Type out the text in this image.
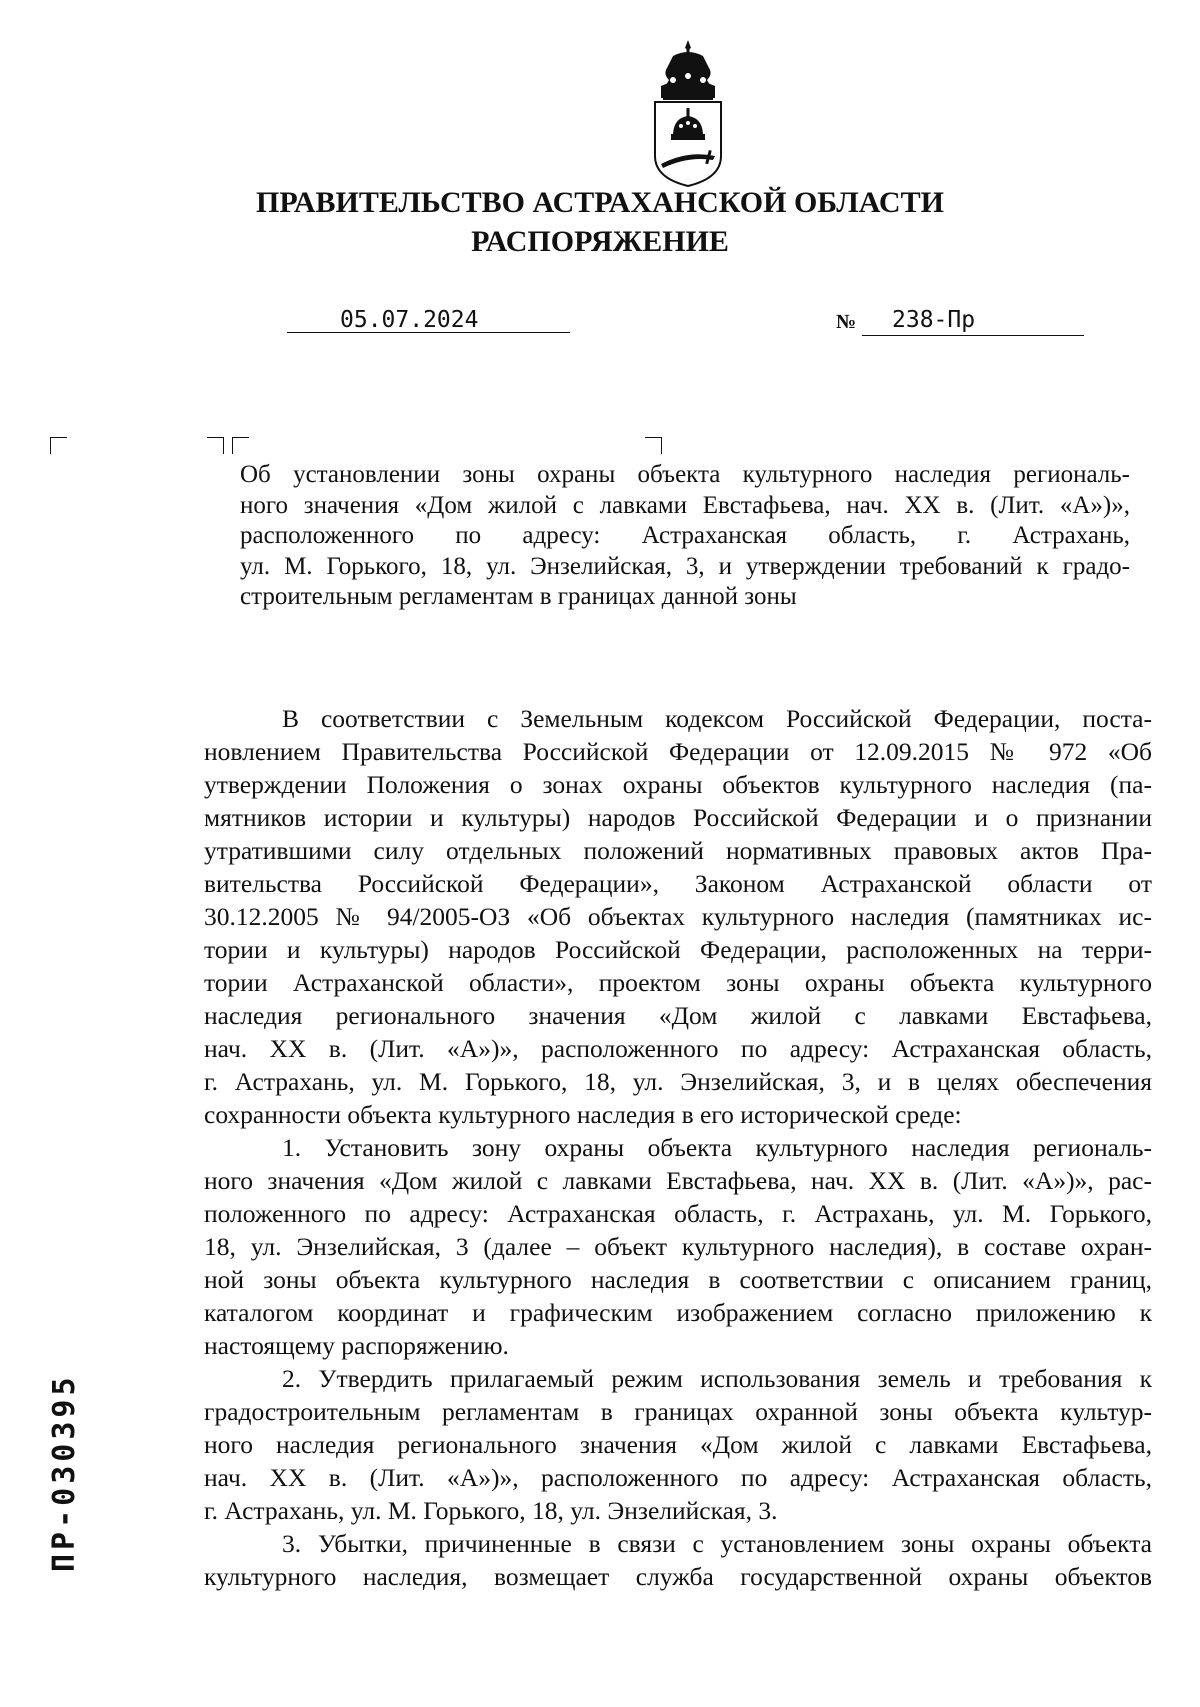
ПРАВИТЕЛЬСТВО АСТРАХАНСКОЙ ОБЛАСТИ
РАСПОРЯЖЕНИЕ
05.07.2024	№ 238-Пр
Об установлении зоны охраны объекта культурного наследия региональ-
ного значения «Дом жилой с лавками Евстафьева, нач. XX в. (Лит. «А»)»,
расположенного по адресу: Астраханская область, г. Астрахань,
ул. М. Горького, 18, ул. Энзелийская, 3, и утверждении требований к градо-
строительным регламентам в границах данной зоны
В соответствии с Земельным кодексом Российской Федерации, поста-
новлением Правительства Российской Федерации от 12.09.2015 № 972 «Об
утверждении Положения о зонах охраны объектов культурного наследия (па-
мятников истории и культуры) народов Российской Федерации и о признании
утратившими силу отдельных положений нормативных правовых актов Пра-
вительства Российской Федерации», Законом Астраханской области от
30.12.2005 № 94/2005-ОЗ «Об объектах культурного наследия (памятниках ис-
тории и культуры) народов Российской Федерации, расположенных на терри-
тории Астраханской области», проектом зоны охраны объекта культурного
наследия регионального значения «Дом жилой с лавками Евстафьева,
нач. XX в. (Лит. «А»)», расположенного по адресу: Астраханская область,
г. Астрахань, ул. М. Горького, 18, ул. Энзелийская, 3, и в целях обеспечения
сохранности объекта культурного наследия в его исторической среде:
1. Установить зону охраны объекта культурного наследия региональ-
ного значения «Дом жилой с лавками Евстафьева, нач. XX в. (Лит. «А»)», рас-
положенного по адресу: Астраханская область, г. Астрахань, ул. М. Горького,
18, ул. Энзелийская, 3 (далее – объект культурного наследия), в составе охран-
ной зоны объекта культурного наследия в соответствии с описанием границ,
каталогом координат и графическим изображением согласно приложению к
настоящему распоряжению.
2. Утвердить прилагаемый режим использования земель и требования к
градостроительным регламентам в границах охранной зоны объекта культур-
ного наследия регионального значения «Дом жилой с лавками Евстафьева,
нач. XX в. (Лит. «А»)», расположенного по адресу: Астраханская область,
г. Астрахань, ул. М. Горького, 18, ул. Энзелийская, 3.
3. Убытки, причиненные в связи с установлением зоны охраны объекта
культурного наследия, возмещает служба государственной охраны объектов
ПР-030395
